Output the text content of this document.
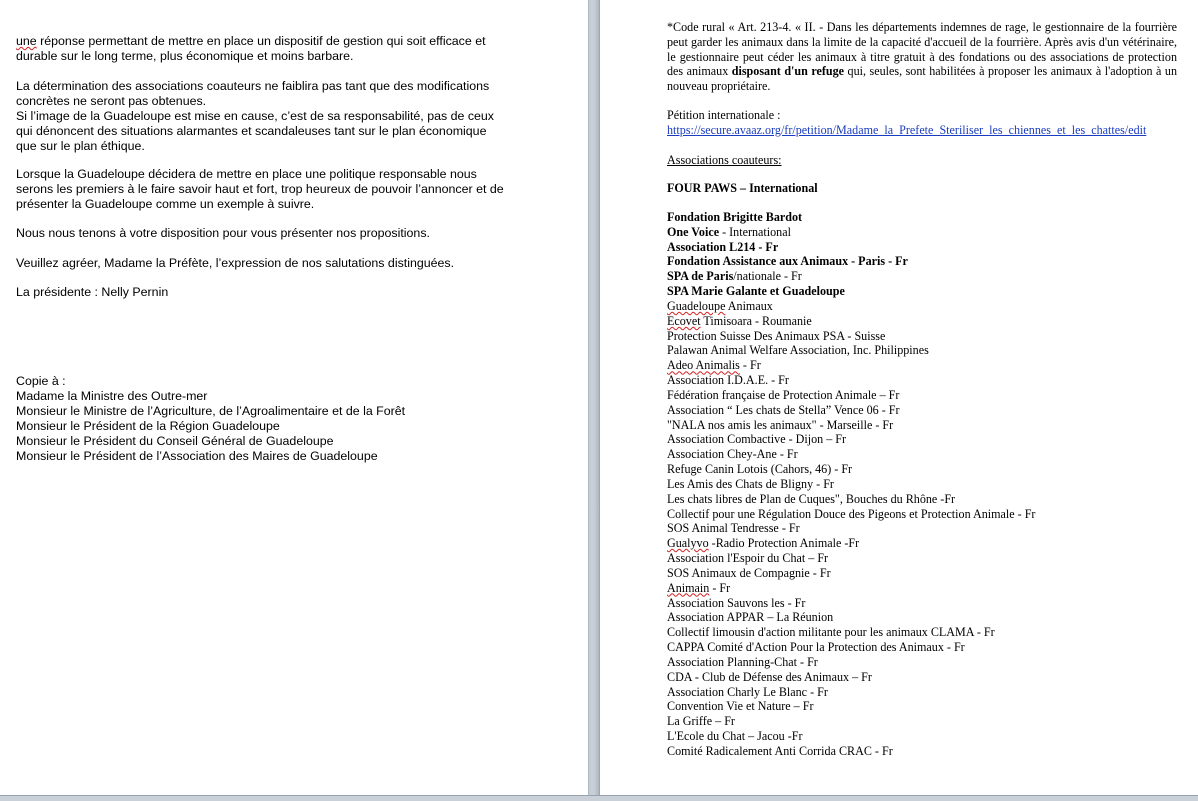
une réponse permettant de mettre en place un dispositif de gestion qui soit efficace et

durable sur le long terme, plus économique et moins barbare.

La détermination des associations coauteurs ne faiblira pas tant que des modifications

concrètes ne seront pas obtenues.

Si l’image de la Guadeloupe est mise en cause, c’est de sa responsabilité, pas de ceux

qui dénoncent des situations alarmantes et scandaleuses tant sur le plan économique

que sur le plan éthique.

Lorsque la Guadeloupe décidera de mettre en place une politique responsable nous

serons les premiers à le faire savoir haut et fort, trop heureux de pouvoir l’annoncer et de

présenter la Guadeloupe comme un exemple à suivre.

Nous nous tenons à votre disposition pour vous présenter nos propositions.

Veuillez agréer, Madame la Préfète, l’expression de nos salutations distinguées.

La présidente : Nelly Pernin

Copie à :

Madame la Ministre des Outre-mer

Monsieur le Ministre de l’Agriculture, de l’Agroalimentaire et de la Forêt

Monsieur le Président de la Région Guadeloupe

Monsieur le Président du Conseil Général de Guadeloupe

Monsieur le Président de l’Association des Maires de Guadeloupe

*Code rural « Art. 213-4. « II. - Dans les départements indemnes de rage, le gestionnaire de la fourrière peut garder les animaux dans la limite de la capacité d'accueil de la fourrière. Après avis d'un vétérinaire, le gestionnaire peut céder les animaux à titre gratuit à des fondations ou des associations de protection des animaux disposant d'un refuge qui, seules, sont habilitées à proposer les animaux à l'adoption à un nouveau propriétaire.
Pétition internationale :
https://secure.avaaz.org/fr/petition/Madame_la_Prefete_Steriliser_les_chiennes_et_les_chattes/edit
Associations coauteurs:
FOUR PAWS – International
Fondation Brigitte Bardot
One Voice - International
Association L214 - Fr
Fondation Assistance aux Animaux - Paris - Fr
SPA de Paris/nationale - Fr
SPA Marie Galante et Guadeloupe
Guadeloupe Animaux
Ecovet Timisoara - Roumanie
Protection Suisse Des Animaux PSA - Suisse
Palawan Animal Welfare Association, Inc. Philippines
Adeo Animalis - Fr
Association I.D.A.E. - Fr
Fédération française de Protection Animale – Fr
Association “ Les chats de Stella” Vence 06 - Fr
"NALA nos amis les animaux" - Marseille - Fr
Association Combactive - Dijon – Fr
Association Chey-Ane - Fr
Refuge Canin Lotois (Cahors, 46) - Fr
Les Amis des Chats de Bligny - Fr
Les chats libres de Plan de Cuques", Bouches du Rhône -Fr
Collectif pour une Régulation Douce des Pigeons et Protection Animale - Fr
SOS Animal Tendresse - Fr
Gualyvo -Radio Protection Animale -Fr
Association l'Espoir du Chat – Fr
SOS Animaux de Compagnie - Fr
Animain - Fr
Association Sauvons les - Fr
Association APPAR – La Réunion
Collectif limousin d'action militante pour les animaux CLAMA - Fr
CAPPA Comité d'Action Pour la Protection des Animaux - Fr
Association Planning-Chat - Fr
CDA - Club de Défense des Animaux – Fr
Association Charly Le Blanc - Fr
Convention Vie et Nature – Fr
La Griffe – Fr
L'Ecole du Chat – Jacou -Fr
Comité Radicalement Anti Corrida CRAC - Fr
